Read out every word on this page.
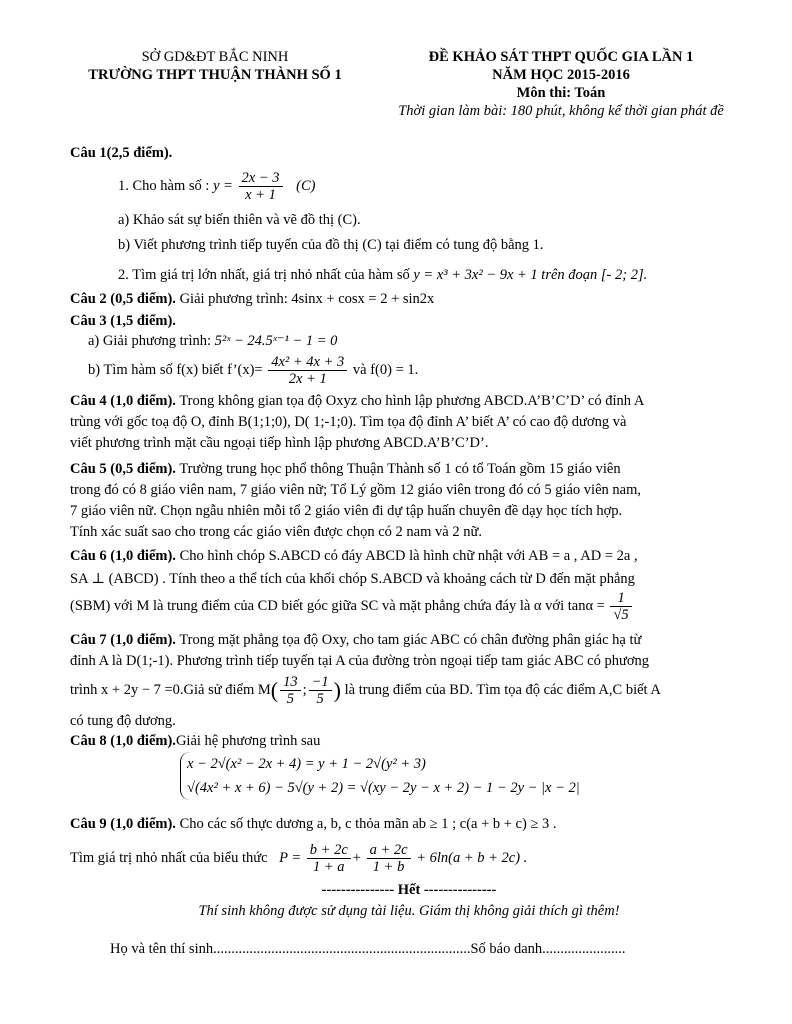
SỞ GD&ĐT BẮC NINH
TRƯỜNG THPT THUẬN THÀNH SỐ 1
ĐỀ KHẢO SÁT THPT QUỐC GIA LẦN 1
NĂM HỌC 2015-2016
Môn thi: Toán
Thời gian làm bài: 180 phút, không kể thời gian phát đề
Câu 1(2,5 điểm).
1. Cho hàm số : $y = \frac{2x - 3}{x + 1} (C)$
a) Khảo sát sự biến thiên và vẽ đồ thị (C).
b) Viết phương trình tiếp tuyến của đồ thị (C) tại điểm có tung độ bằng 1.
2. Tìm giá trị lớn nhất, giá trị nhỏ nhất của hàm số y = x³ + 3x² − 9x + 1 trên đoạn [- 2; 2].
Câu 2 (0,5 điểm). Giải phương trình: 4sinx + cosx = 2 + sin2x
Câu 3 (1,5 điểm).
a) Giải phương trình: 5²ˣ − 24.5ˣ⁻¹ − 1 = 0
b) Tìm hàm số f(x) biết f’(x)= $\frac{\text{4x² + 4x + 3}}{2x + 1}$ và f(0) = 1.
Câu 4 (1,0 điểm). Trong không gian tọa độ Oxyz cho hình lập phương ABCD.A’B’C’D’ có đỉnh A
trùng với gốc toạ độ O, đỉnh B(1;1;0), D( 1;-1;0). Tìm tọa độ đỉnh A’ biết A’ có cao độ dương và
viết phương trình mặt cầu ngoại tiếp hình lập phương ABCD.A’B’C’D’.
Câu 5 (0,5 điểm). Trường trung học phổ thông Thuận Thành số 1 có tổ Toán gồm 15 giáo viên
trong đó có 8 giáo viên nam, 7 giáo viên nữ; Tổ Lý gồm 12 giáo viên trong đó có 5 giáo viên nam,
7 giáo viên nữ. Chọn ngẫu nhiên mỗi tổ 2 giáo viên đi dự tập huấn chuyên đề dạy học tích hợp.
Tính xác suất sao cho trong các giáo viên được chọn có 2 nam và 2 nữ.
Câu 6 (1,0 điểm). Cho hình chóp S.ABCD có đáy ABCD là hình chữ nhật với AB = a , AD = 2a ,
SA ⊥ (ABCD) . Tính theo a thể tích của khối chóp S.ABCD và khoảng cách từ D đến mặt phẳng
(SBM) với M là trung điểm của CD biết góc giữa SC và mặt phẳng chứa đáy là α với $\tan\alpha = \frac{1}{√5}$
Câu 7 (1,0 điểm). Trong mặt phẳng tọa độ Oxy, cho tam giác ABC có chân đường phân giác hạ từ
đỉnh A là D(1;-1). Phương trình tiếp tuyến tại A của đường tròn ngoại tiếp tam giác ABC có phương
trình x + 2y − 7 =0.Giả sử điểm $M( \frac{13}{5}$ ; $\frac{-1}{5}$ ) là trung điểm của BD. Tìm tọa độ các điểm A,C biết A
có tung độ dương.
Câu 8 (1,0 điểm).Giải hệ phương trình sau
x − 2√(x² − 2x + 4) = y + 1 − 2√(y² + 3)
√(4x² + x + 6) − 5√(y + 2) = √(xy − 2y − x + 2) − 1 − 2y − |x − 2|
Câu 9 (1,0 điểm). Cho các số thực dương a, b, c thỏa mãn ab ≥ 1 ; c(a + b + c) ≥ 3 .
Tìm giá trị nhỏ nhất của biểu thức $P = \frac{b + 2c}{1 + a} + \frac{a + 2c}{1 + b} + 6\ln(a + b + 2c)$ .
--------------- Hết ---------------
Thí sinh không được sử dụng tài liệu. Giám thị không giải thích gì thêm!
Họ và tên thí sinh.......................................................................Số báo danh.......................
